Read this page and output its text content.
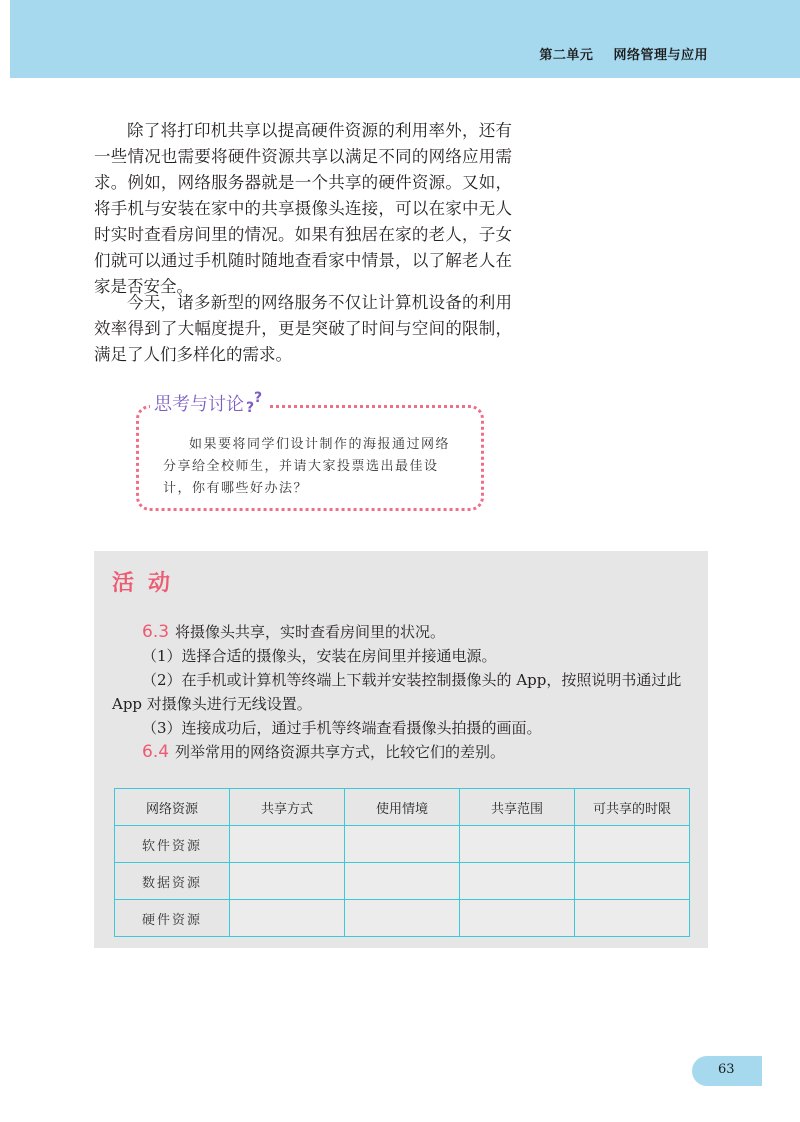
第二单元    网络管理与应用

除了将打印机共享以提高硬件资源的利用率外，还有一些情况也需要将硬件资源共享以满足不同的网络应用需求。例如，网络服务器就是一个共享的硬件资源。又如，将手机与安装在家中的共享摄像头连接，可以在家中无人时实时查看房间里的情况。如果有独居在家的老人，子女们就可以通过手机随时随地查看家中情景，以了解老人在家是否安全。

今天，诸多新型的网络服务不仅让计算机设备的利用效率得到了大幅度提升，更是突破了时间与空间的限制，满足了人们多样化的需求。

思考与讨论 ?
?

如果要将同学们设计制作的海报通过网络分享给全校师生，并请大家投票选出最佳设计，你有哪些好办法？

活动
6.3 将摄像头共享，实时查看房间里的状况。
（1）选择合适的摄像头，安装在房间里并接通电源。
（2）在手机或计算机等终端上下载并安装控制摄像头的 App，按照说明书通过此
App 对摄像头进行无线设置。
（3）连接成功后，通过手机等终端查看摄像头拍摄的画面。
6.4 列举常用的网络资源共享方式，比较它们的差别。
网络资源	共享方式	使用情境	共享范围	可共享的时限
软件资源				
数据资源				
硬件资源				
63
